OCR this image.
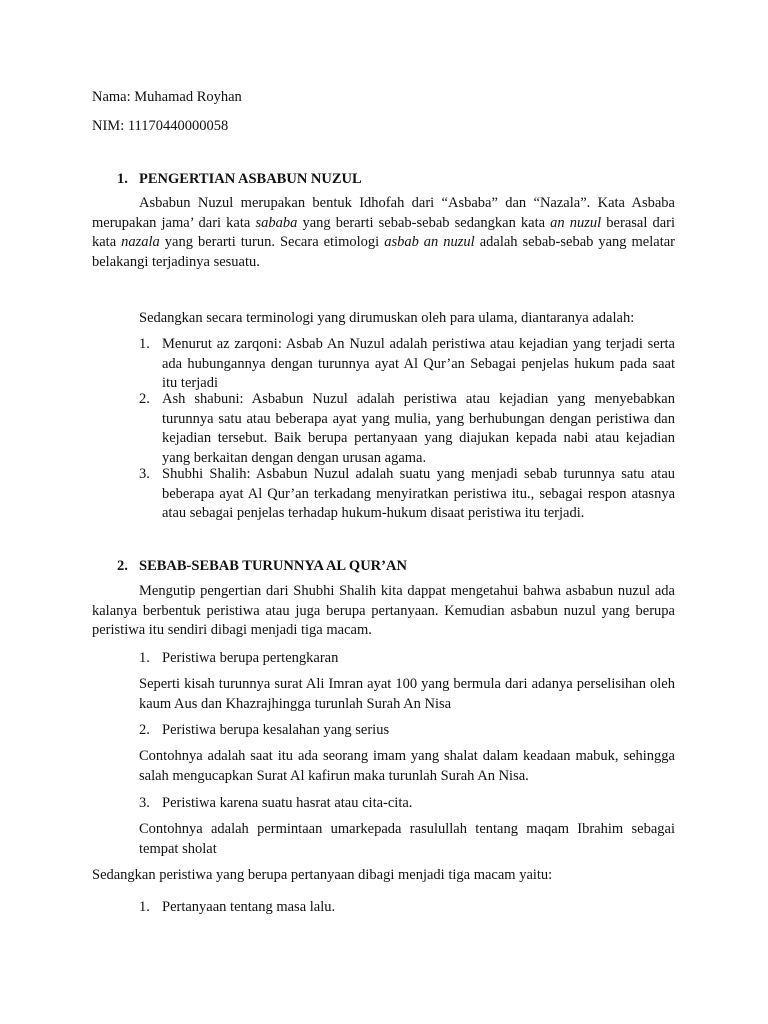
Nama: Muhamad Royhan

NIM: 11170440000058

1. PENGERTIAN ASBABUN NUZUL

Asbabun Nuzul merupakan bentuk Idhofah dari “Asbaba” dan “Nazala”. Kata Asbaba merupakan jama’ dari kata sababa yang berarti sebab-sebab sedangkan kata an nuzul berasal dari kata nazala yang berarti turun. Secara etimologi asbab an nuzul adalah sebab-sebab yang melatar belakangi terjadinya sesuatu.

Sedangkan secara terminologi yang dirumuskan oleh para ulama, diantaranya adalah:

1. Menurut az zarqoni: Asbab An Nuzul adalah peristiwa atau kejadian yang terjadi serta ada hubungannya dengan turunnya ayat Al Qur’an Sebagai penjelas hukum pada saat itu terjadi

2. Ash shabuni: Asbabun Nuzul adalah peristiwa atau kejadian yang menyebabkan turunnya satu atau beberapa ayat yang mulia, yang berhubungan dengan peristiwa dan kejadian tersebut. Baik berupa pertanyaan yang diajukan kepada nabi atau kejadian yang berkaitan dengan dengan urusan agama.

3. Shubhi Shalih: Asbabun Nuzul adalah suatu yang menjadi sebab turunnya satu atau beberapa ayat Al Qur’an terkadang menyiratkan peristiwa itu., sebagai respon atasnya atau sebagai penjelas terhadap hukum-hukum disaat peristiwa itu terjadi.

2. SEBAB-SEBAB TURUNNYA AL QUR’AN

Mengutip pengertian dari Shubhi Shalih kita dappat mengetahui bahwa asbabun nuzul ada kalanya berbentuk peristiwa atau juga berupa pertanyaan. Kemudian asbabun nuzul yang berupa peristiwa itu sendiri dibagi menjadi tiga macam.

1. Peristiwa berupa pertengkaran

Seperti kisah turunnya surat Ali Imran ayat 100 yang bermula dari adanya perselisihan oleh kaum Aus dan Khazrajhingga turunlah Surah An Nisa

2. Peristiwa berupa kesalahan yang serius

Contohnya adalah saat itu ada seorang imam yang shalat dalam keadaan mabuk, sehingga salah mengucapkan Surat Al kafirun maka turunlah Surah An Nisa.

3. Peristiwa karena suatu hasrat atau cita-cita.

Contohnya adalah permintaan umarkepada rasulullah tentang maqam Ibrahim sebagai tempat sholat

Sedangkan peristiwa yang berupa pertanyaan dibagi menjadi tiga macam yaitu:

1. Pertanyaan tentang masa lalu.
